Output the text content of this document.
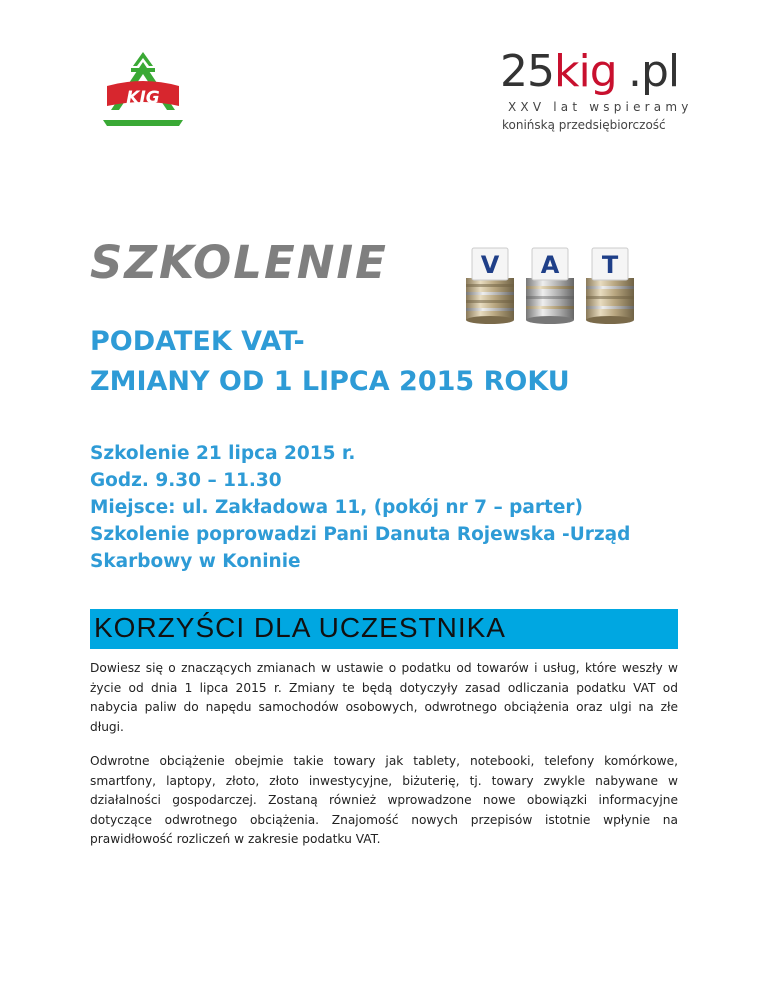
KIG
25 kig .pl
XXV lat wspieramy
konińską przedsiębiorczość
SZKOLENIE	V A T
PODATEK VAT-
ZMIANY OD 1 LIPCA 2015 ROKU
Szkolenie 21 lipca 2015 r.
Godz. 9.30 – 11.30
Miejsce: ul. Zakładowa 11, (pokój nr 7 – parter)
Szkolenie poprowadzi Pani Danuta Rojewska -Urząd
Skarbowy w Koninie
KORZYŚCI DLA UCZESTNIKA

Dowiesz się o znaczących zmianach w ustawie o podatku od towarów i usług, które weszły w życie od dnia 1 lipca 2015 r. Zmiany te będą dotyczyły zasad odliczania podatku VAT od nabycia paliw do napędu samochodów osobowych, odwrotnego obciążenia oraz ulgi na złe długi.

Odwrotne obciążenie obejmie takie towary jak tablety, notebooki, telefony komórkowe, smartfony, laptopy, złoto, złoto inwestycyjne, biżuterię, tj. towary zwykle nabywane w działalności gospodarczej. Zostaną również wprowadzone nowe obowiązki informacyjne dotyczące odwrotnego obciążenia. Znajomość nowych przepisów istotnie wpłynie na prawidłowość rozliczeń w zakresie podatku VAT.
